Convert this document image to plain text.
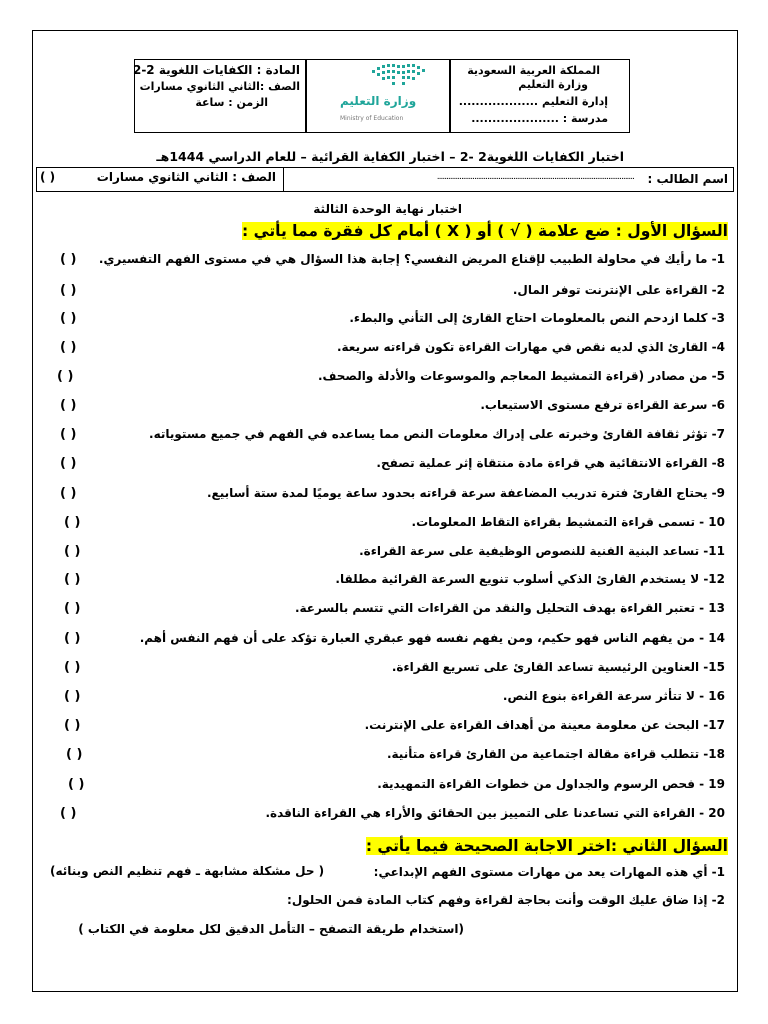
المملكة العربية السعودية
وزارة التعليم
إدارة التعليم ...................
مدرسة : .....................
المادة : الكفايات اللغوية 2-2
الصف :الثاني الثانوي مسارات
الزمن : ساعة	وزارة التعليم
Ministry of Education
اختبار الكفايات اللغوية2 -2 – اختبار الكفاية القرائية – للعام الدراسي 1444هـ
اسم الطالب :
..........................................................................................................
الصف : الثاني الثانوي مسارات
( )
اختبار نهاية الوحدة الثالثة
السؤال الأول : ضع علامة ( √ ) أو ( X ) أمام كل فقرة مما يأتي :
1- ما رأيك في محاولة الطبيب لإقناع المريض النفسي؟ إجابة هذا السؤال هي في مستوى الفهم التفسيري.
2- القراءة على الإنترنت توفر المال.
3- كلما ازدحم النص بالمعلومات احتاج القارئ إلى التأني والبطء.
4- القارئ الذي لديه نقص في مهارات القراءة تكون قراءته سريعة.
5- من مصادر (قراءة التمشيط المعاجم والموسوعات والأدلة والصحف.
6- سرعة القراءة ترفع مستوى الاستيعاب.
7- تؤثر ثقافة القارئ وخبرته على إدراك معلومات النص مما يساعده في الفهم في جميع مستوياته.
8- القراءة الانتقائية هي قراءة مادة منتقاة إثر عملية تصفح.
9- يحتاج القارئ فترة تدريب المضاعفة سرعة قراءته بحدود ساعة يوميًا لمدة ستة أسابيع.
10 - تسمى قراءة التمشيط بقراءة التقاط المعلومات.
11- تساعد البنية الفنية للنصوص الوظيفية على سرعة القراءة.
12- لا يستخدم القارئ الذكي أسلوب تنويع السرعة القرائية مطلقا.
13 - تعتبر القراءة بهدف التحليل والنقد من القراءات التي تتسم بالسرعة.
14 - من يفهم الناس فهو حكيم، ومن يفهم نفسه فهو عبقري العبارة تؤكد على أن فهم النفس أهم.
15- العناوين الرئيسية تساعد القارئ على تسريع القراءة.
16 - لا تتأثر سرعة القراءة بنوع النص.
17- البحث عن معلومة معينة من أهداف القراءة على الإنترنت.
18- تتطلب قراءة مقالة اجتماعية من القارئ قراءة متأنية.
19 - فحص الرسوم والجداول من خطوات القراءة التمهيدية.
20 - القراءة التي تساعدنا على التمييز بين الحقائق والأراء هي القراءة الناقدة.
( )
( )
( )
( )
( )
( )
( )
( )
( )
( )
( )
( )
( )
( )
( )
( )
( )
( )
( )
( )
السؤال الثاني :اختر الاجابة الصحيحة فيما يأتي :
1- أي هذه المهارات يعد من مهارات مستوى الفهم الإبداعي:
( حل مشكلة مشابهة ـ فهم تنظيم النص وبنائه)
2- إذا ضاق عليك الوقت وأنت بحاجة لقراءة وفهم كتاب المادة فمن الحلول:
(استخدام طريقة التصفح – التأمل الدقيق لكل معلومة في الكتاب )
